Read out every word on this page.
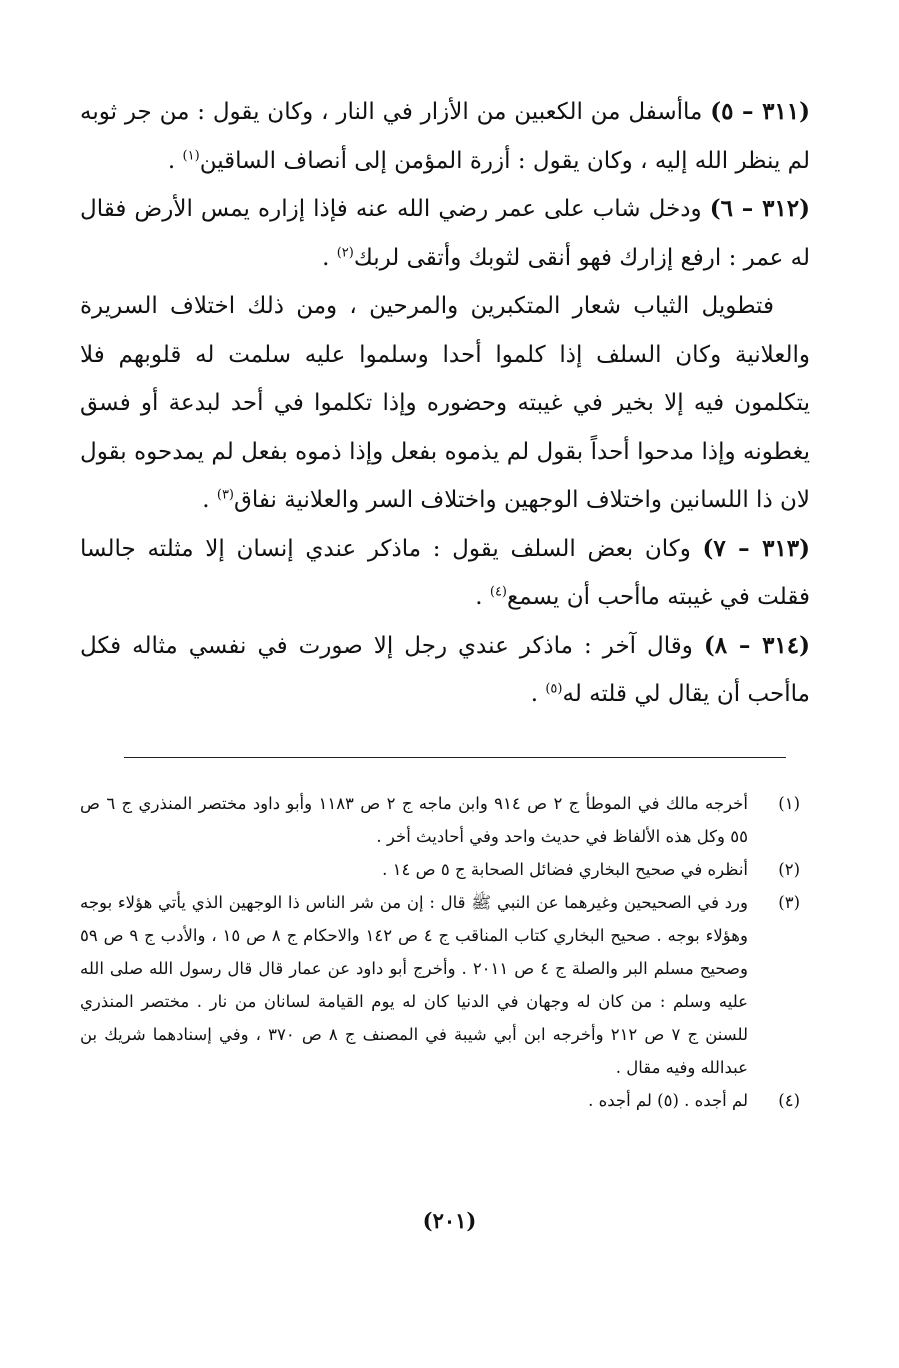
(٣١١ – ٥) ماأسفل من الكعبين من الأزار في النار ، وكان يقول : من جر ثوبه لم ينظر الله إليه ، وكان يقول : أزرة المؤمن إلى أنصاف الساقين$^{(١)}$ .

(٣١٢ – ٦) ودخل شاب على عمر رضي الله عنه فإذا إزاره يمس الأرض فقال له عمر : ارفع إزارك فهو أنقى لثوبك وأتقى لربك$^{(٢)}$ .

فتطويل الثياب شعار المتكبرين والمرحين ، ومن ذلك اختلاف السريرة والعلانية وكان السلف إذا كلموا أحدا وسلموا عليه سلمت له قلوبهم فلا يتكلمون فيه إلا بخير في غيبته وحضوره وإذا تكلموا في أحد لبدعة أو فسق يغطونه وإذا مدحوا أحداً بقول لم يذموه بفعل وإذا ذموه بفعل لم يمدحوه بقول لان ذا اللسانين واختلاف الوجهين واختلاف السر والعلانية نفاق$^{(٣)}$ .

(٣١٣ – ٧) وكان بعض السلف يقول : ماذكر عندي إنسان إلا مثلته جالسا فقلت في غيبته ماأحب أن يسمع$^{(٤)}$ .

(٣١٤ – ٨) وقال آخر : ماذكر عندي رجل إلا صورت في نفسي مثاله فكل ماأحب أن يقال لي قلته له$^{(٥)}$ .

(١)
أخرجه مالك في الموطأ ج ٢ ص ٩١٤ وابن ماجه ج ٢ ص ١١٨٣ وأبو داود مختصر المنذري ج ٦ ص ٥٥ وكل هذه الألفاظ في حديث واحد وفي أحاديث أخر .
(٢)
أنظره في صحيح البخاري فضائل الصحابة ج ٥ ص ١٤ .
(٣)
ورد في الصحيحين وغيرهما عن النبي ﷺ قال : إن من شر الناس ذا الوجهين الذي يأتي هؤلاء بوجه وهؤلاء بوجه . صحيح البخاري كتاب المناقب ج ٤ ص ١٤٢ والاحكام ج ٨ ص ١٥ ، والأدب ج ٩ ص ٥٩ وصحيح مسلم البر والصلة ج ٤ ص ٢٠١١ . وأخرج أبو داود عن عمار قال قال رسول الله صلى الله عليه وسلم : من كان له وجهان في الدنيا كان له يوم القيامة لسانان من نار . مختصر المنذري للسنن ج ٧ ص ٢١٢ وأخرجه ابن أبي شيبة في المصنف ج ٨ ص ٣٧٠ ، وفي إسنادهما شريك بن عبدالله وفيه مقال .
(٤)
لم أجده . (٥) لم أجده .
(٢٠١)
